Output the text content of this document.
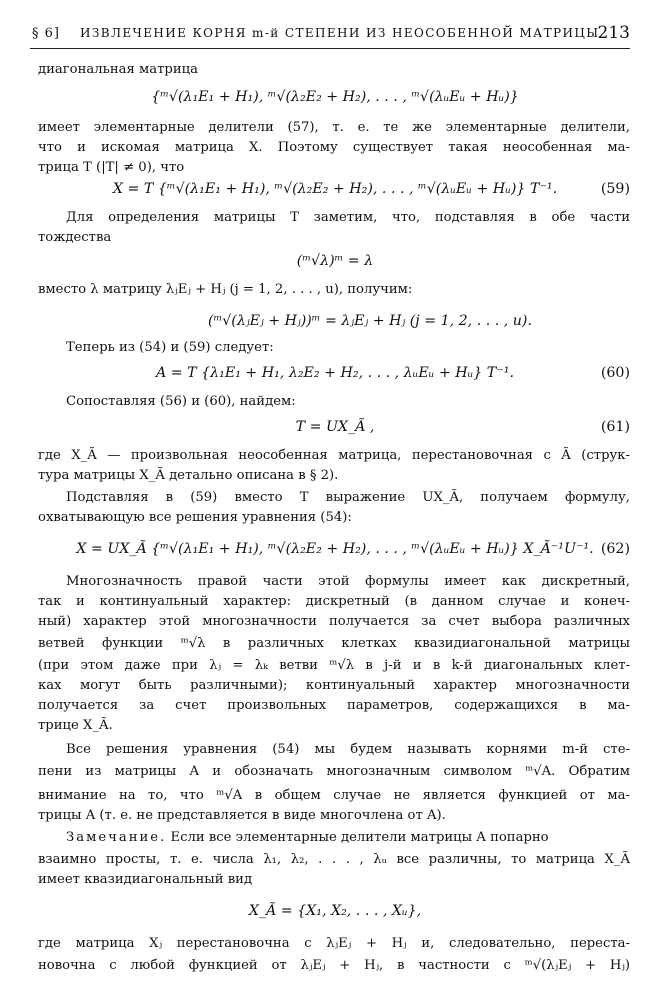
§ 6] ИЗВЛЕЧЕНИЕ КОРНЯ m-й СТЕПЕНИ ИЗ НЕОСОБЕННОЙ МАТРИЦЫ
213
диагональная матрица
{ᵐ√(λ₁E₁ + H₁), ᵐ√(λ₂E₂ + H₂), . . . , ᵐ√(λᵤEᵤ + Hᵤ)}
имеет элементарные делители (57), т. е. те же элементарные делители,
что и искомая матрица X. Поэтому существует такая неособенная ма-
трица T (|T| ≠ 0), что
X = T {ᵐ√(λ₁E₁ + H₁), ᵐ√(λ₂E₂ + H₂), . . . , ᵐ√(λᵤEᵤ + Hᵤ)} T⁻¹.	(59)
Для определения матрицы T заметим, что, подставляя в обе части
тождества
(ᵐ√λ)ᵐ = λ
вместо λ матрицу λⱼEⱼ + Hⱼ (j = 1, 2, . . . , u), получим:
(ᵐ√(λⱼEⱼ + Hⱼ))ᵐ = λⱼEⱼ + Hⱼ (j = 1, 2, . . . , u).
Теперь из (54) и (59) следует:
A = T {λ₁E₁ + H₁, λ₂E₂ + H₂, . . . , λᵤEᵤ + Hᵤ} T⁻¹.	(60)
Сопоставляя (56) и (60), найдем:
T = UX_Ã ,	(61)
где X_Ã — произвольная неособенная матрица, перестановочная с Ã (струк-
тура матрицы X_Ã детально описана в § 2).
Подставляя в (59) вместо T выражение UX_Ã, получаем формулу,
охватывающую все решения уравнения (54):
X = UX_Ã {ᵐ√(λ₁E₁ + H₁), ᵐ√(λ₂E₂ + H₂), . . . , ᵐ√(λᵤEᵤ + Hᵤ)} X_Ã⁻¹U⁻¹. (62)
Многозначность правой части этой формулы имеет как дискретный,
так и континуальный характер: дискретный (в данном случае и конеч-
ный) характер этой многозначности получается за счет выбора различных
ветвей функции ᵐ√λ в различных клетках квазидиагональной матрицы
(при этом даже при λⱼ = λₖ ветви ᵐ√λ в j-й и в k-й диагональных клет-
ках могут быть различными); континуальный характер многозначности
получается за счет произвольных параметров, содержащихся в ма-
трице X_Ã.
Все решения уравнения (54) мы будем называть корнями m-й сте-
пени из матрицы A и обозначать многозначным символом ᵐ√A. Обратим
внимание на то, что ᵐ√A в общем случае не является функцией от ма-
трицы A (т. е. не представляется в виде многочлена от A).
Замечание. Если все элементарные делители матрицы A попарно
взаимно просты, т. е. числа λ₁, λ₂, . . . , λᵤ все различны, то матрица X_Ã
имеет квазидиагональный вид
X_Ã = {X₁, X₂, . . . , Xᵤ},
где матрица Xⱼ перестановочна с λⱼEⱼ + Hⱼ и, следовательно, переста-
новочна с любой функцией от λⱼEⱼ + Hⱼ, в частности с ᵐ√(λⱼEⱼ + Hⱼ)
